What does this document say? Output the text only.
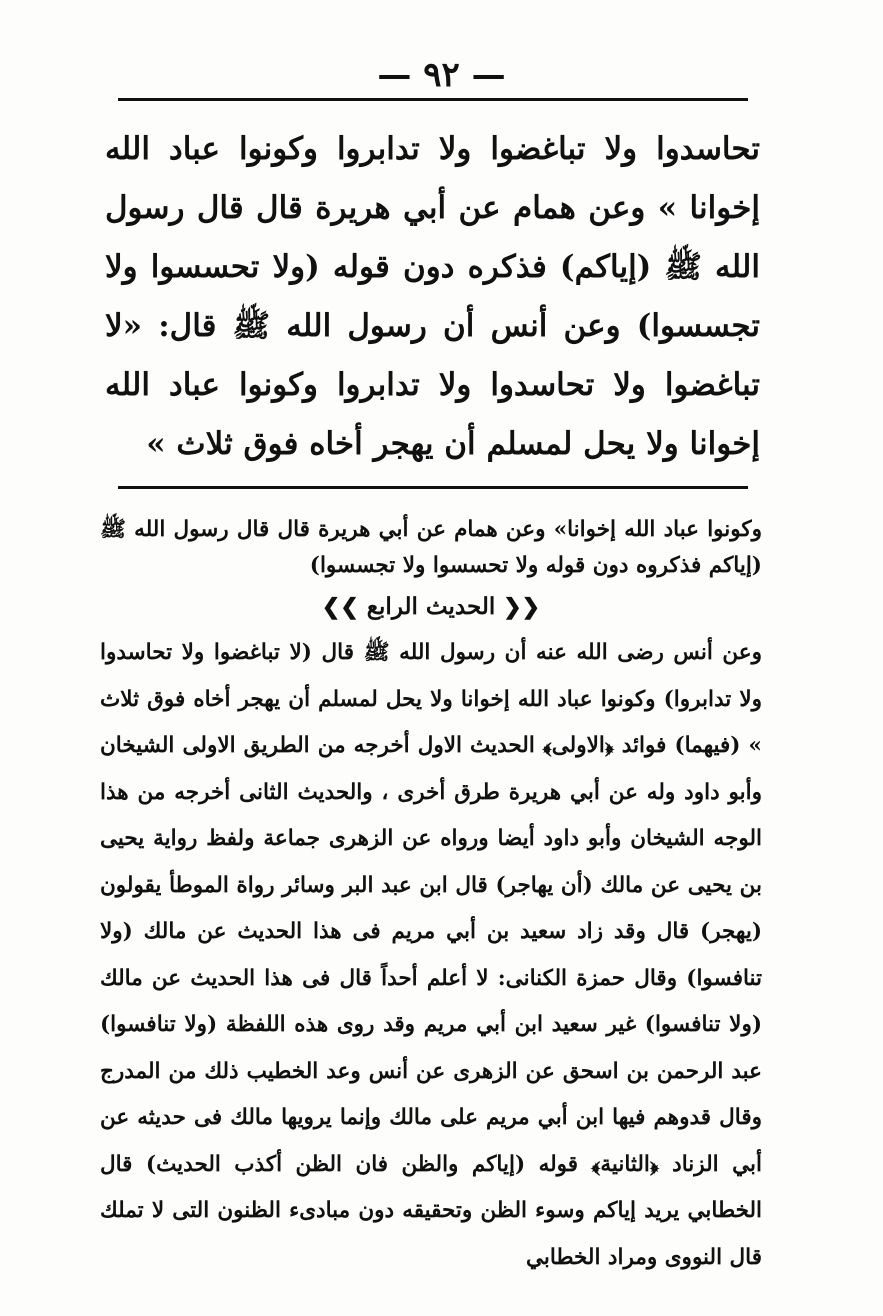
— ٩٢ —

تحاسدوا ولا تباغضوا ولا تدابروا وكونوا عباد الله إخوانا » وعن همام عن أبي هريرة قال قال رسول الله ﷺ (إياكم) فذكره دون قوله (ولا تحسسوا ولا تجسسوا) وعن أنس أن رسول الله ﷺ قال: «لا تباغضوا ولا تحاسدوا ولا تدابروا وكونوا عباد الله إخوانا ولا يحل لمسلم أن يهجر أخاه فوق ثلاث »

وكونوا عباد الله إخوانا» وعن همام عن أبي هريرة قال قال رسول الله ﷺ (إياكم فذكروه دون قوله ولا تحسسوا ولا تجسسوا)

❮❮ الحديث الرابع ❯❯

وعن أنس رضى الله عنه أن رسول الله ﷺ قال (لا تباغضوا ولا تحاسدوا ولا تدابروا) وكونوا عباد الله إخوانا ولا يحل لمسلم أن يهجر أخاه فوق ثلاث » (فيهما) فوائد ﴿الاولى﴾ الحديث الاول أخرجه من الطريق الاولى الشيخان وأبو داود وله عن أبي هريرة طرق أخرى ، والحديث الثانى أخرجه من هذا الوجه الشيخان وأبو داود أيضا ورواه عن الزهرى جماعة ولفظ رواية يحيى بن يحيى عن مالك (أن يهاجر) قال ابن عبد البر وسائر رواة الموطأ يقولون (يهجر) قال وقد زاد سعيد بن أبي مريم فى هذا الحديث عن مالك (ولا تنافسوا) وقال حمزة الكنانى: لا أعلم أحداً قال فى هذا الحديث عن مالك (ولا تنافسوا) غير سعيد ابن أبي مريم وقد روى هذه اللفظة (ولا تنافسوا) عبد الرحمن بن اسحق عن الزهرى عن أنس وعد الخطيب ذلك من المدرج وقال قدوهم فيها ابن أبي مريم على مالك وإنما يرويها مالك فى حديثه عن أبي الزناد ﴿الثانية﴾ قوله (إياكم والظن فان الظن أكذب الحديث) قال الخطابي يريد إياكم وسوء الظن وتحقيقه دون مبادىء الظنون التى لا تملك قال النووى ومراد الخطابي
